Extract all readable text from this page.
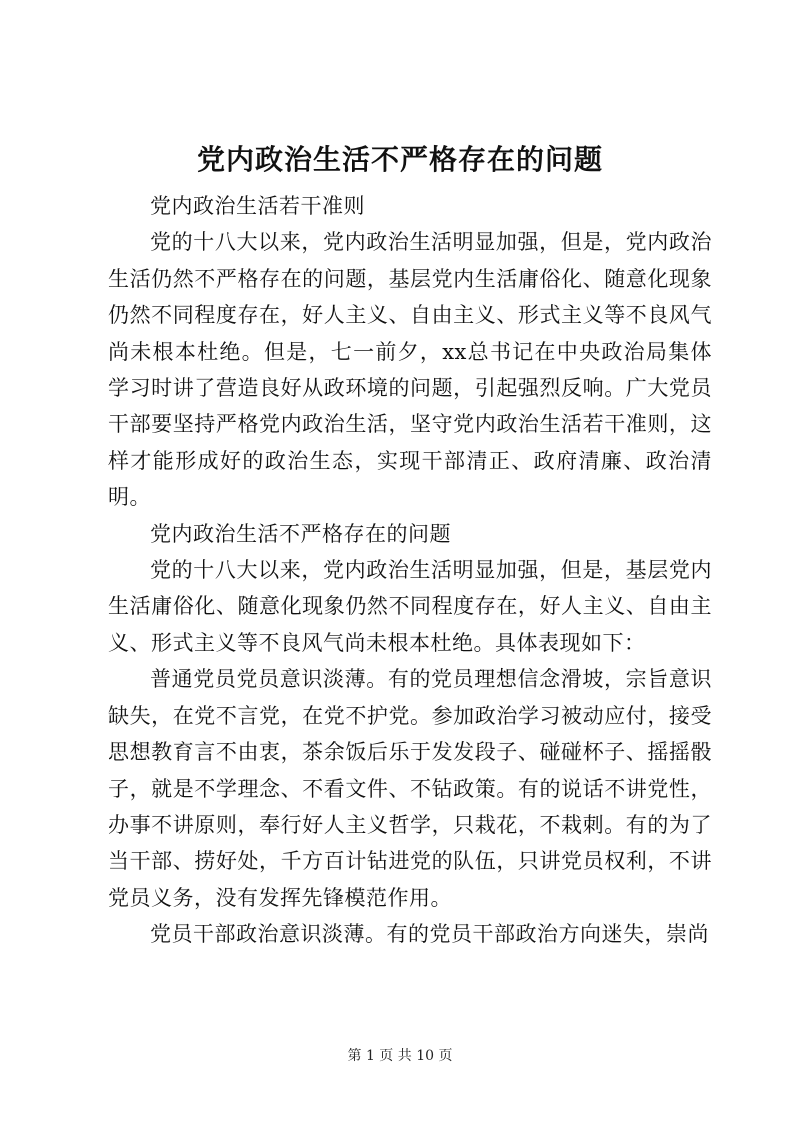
党内政治生活不严格存在的问题

党内政治生活若干准则

党的十八大以来，党内政治生活明显加强，但是，党内政治生活仍然不严格存在的问题，基层党内生活庸俗化、随意化现象仍然不同程度存在，好人主义、自由主义、形式主义等不良风气尚未根本杜绝。但是，七一前夕，xx总书记在中央政治局集体学习时讲了营造良好从政环境的问题，引起强烈反响。广大党员干部要坚持严格党内政治生活，坚守党内政治生活若干准则，这样才能形成好的政治生态，实现干部清正、政府清廉、政治清明。

党内政治生活不严格存在的问题

党的十八大以来，党内政治生活明显加强，但是，基层党内生活庸俗化、随意化现象仍然不同程度存在，好人主义、自由主义、形式主义等不良风气尚未根本杜绝。具体表现如下：

普通党员党员意识淡薄。有的党员理想信念滑坡，宗旨意识缺失，在党不言党，在党不护党。参加政治学习被动应付，接受思想教育言不由衷，茶余饭后乐于发发段子、碰碰杯子、摇摇骰子，就是不学理念、不看文件、不钻政策。有的说话不讲党性，办事不讲原则，奉行好人主义哲学，只栽花，不栽刺。有的为了当干部、捞好处，千方百计钻进党的队伍，只讲党员权利，不讲党员义务，没有发挥先锋模范作用。

党员干部政治意识淡薄。有的党员干部政治方向迷失，崇尚

第 1 页 共 10 页
